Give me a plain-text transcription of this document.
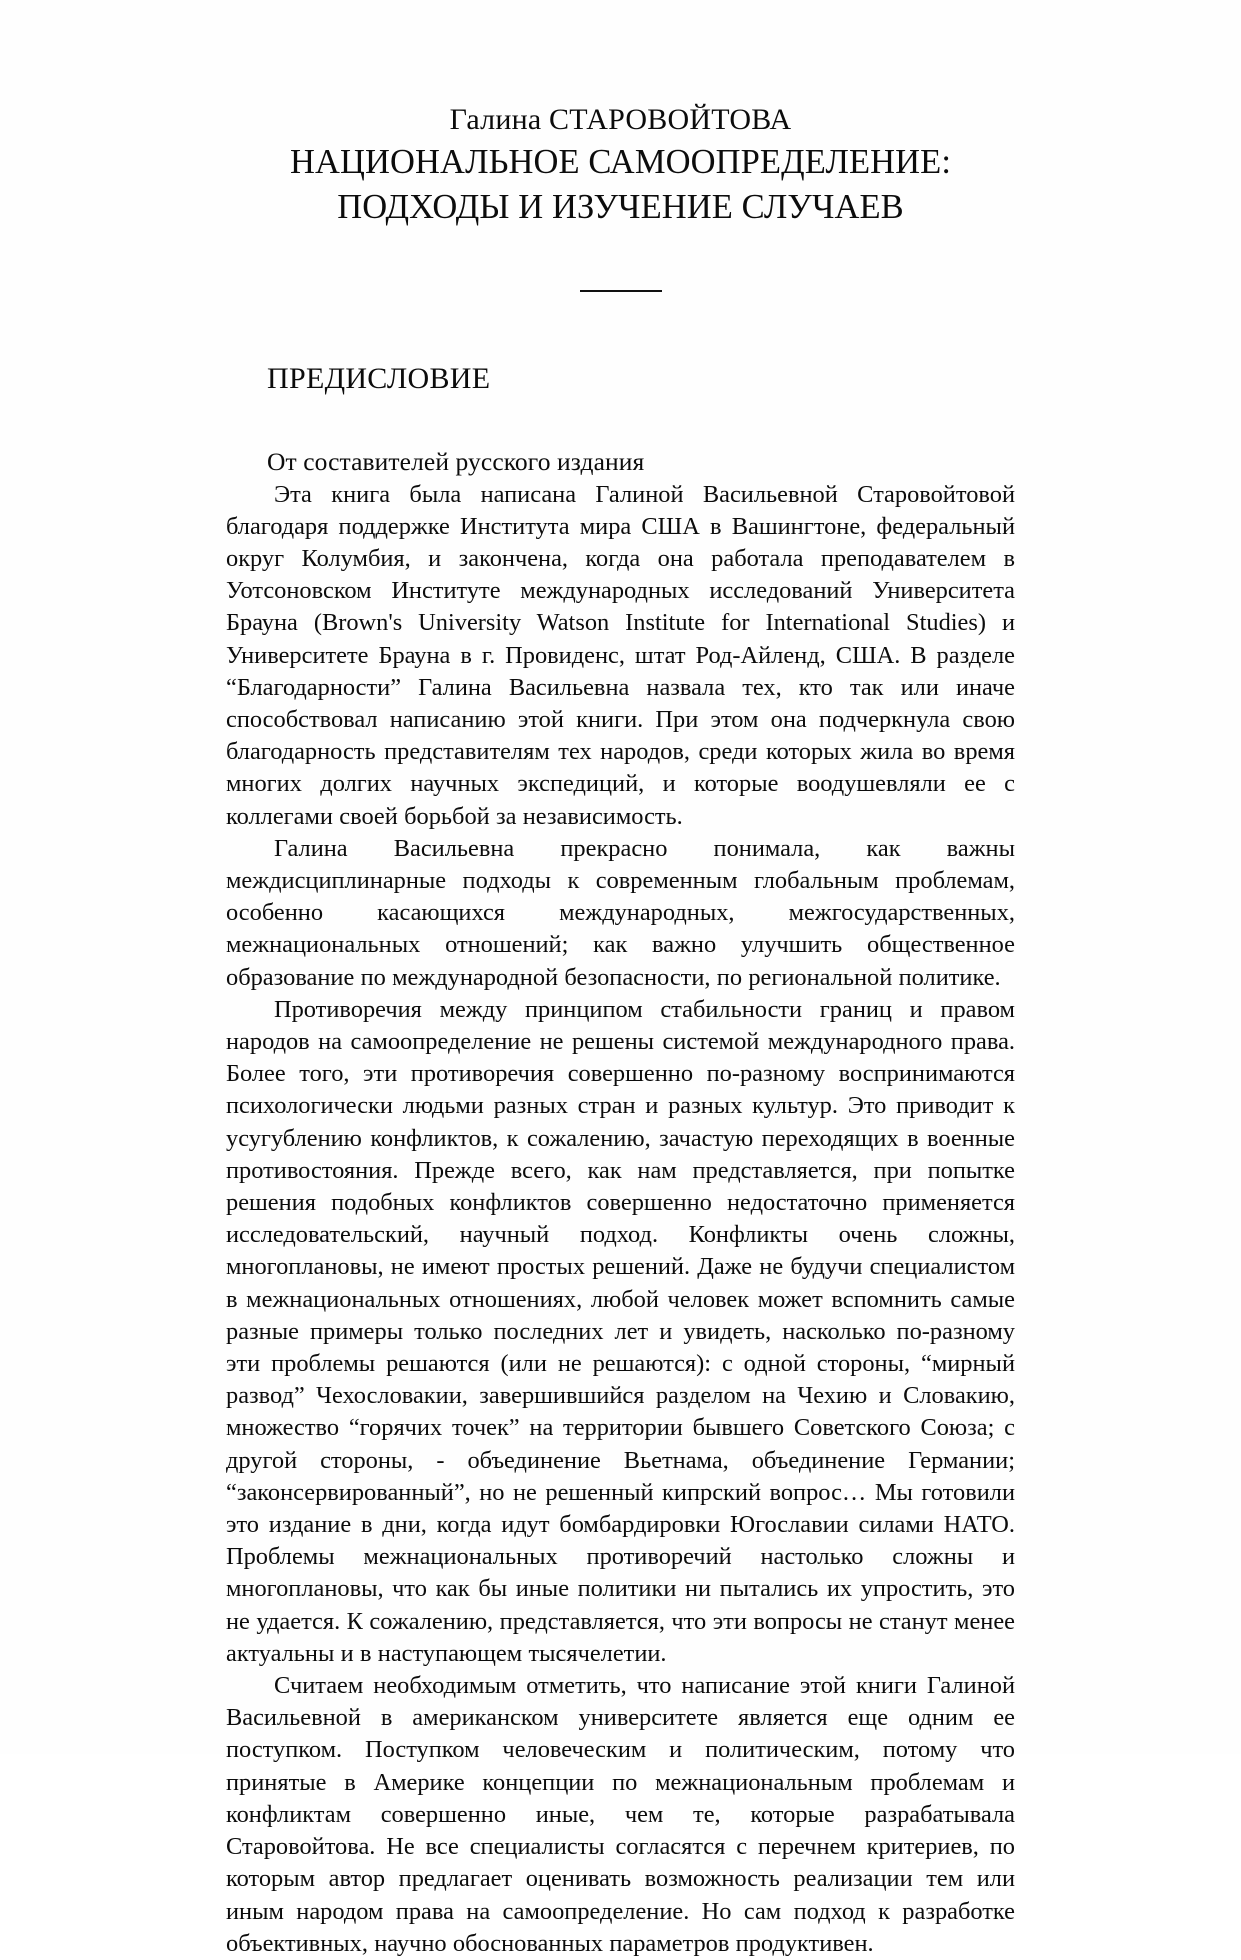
Галина СТАРОВОЙТОВА
НАЦИОНАЛЬНОЕ САМООПРЕДЕЛЕНИЕ:
ПОДХОДЫ И ИЗУЧЕНИЕ СЛУЧАЕВ
ПРЕДИСЛОВИЕ
От составителей русского издания

Эта книга была написана Галиной Васильевной Старовойтовой благодаря поддержке Института мира США в Вашингтоне, федеральный округ Колумбия, и закончена, когда она работала преподавателем в Уотсоновском Институте международных исследований Университета Брауна (Brown's University Watson Institute for International Studies) и Университете Брауна в г. Провиденс, штат Род-Айленд, США. В разделе “Благодарности” Галина Васильевна назвала тех, кто так или иначе способствовал написанию этой книги. При этом она подчеркнула свою благодарность представителям тех народов, среди которых жила во время многих долгих научных экспедиций, и которые воодушевляли ее с коллегами своей борьбой за независимость.

Галина Васильевна прекрасно понимала, как важны междисциплинарные подходы к современным глобальным проблемам, особенно касающихся международных, межгосударственных, межнациональных отношений; как важно улучшить общественное образование по международной безопасности, по региональной политике.

Противоречия между принципом стабильности границ и правом народов на самоопределение не решены системой международного права. Более того, эти противоречия совершенно по-разному воспринимаются психологически людьми разных стран и разных культур. Это приводит к усугублению конфликтов, к сожалению, зачастую переходящих в военные противостояния. Прежде всего, как нам представляется, при попытке решения подобных конфликтов совершенно недостаточно применяется исследовательский, научный подход. Конфликты очень сложны, многоплановы, не имеют простых решений. Даже не будучи специалистом в межнациональных отношениях, любой человек может вспомнить самые разные примеры только последних лет и увидеть, насколько по-разному эти проблемы решаются (или не решаются): с одной стороны, “мирный развод” Чехословакии, завершившийся разделом на Чехию и Словакию, множество “горячих точек” на территории бывшего Советского Союза; с другой стороны, - объединение Вьетнама, объединение Германии; “законсервированный”, но не решенный кипрский вопрос… Мы готовили это издание в дни, когда идут бомбардировки Югославии силами НАТО. Проблемы межнациональных противоречий настолько сложны и многоплановы, что как бы иные политики ни пытались их упростить, это не удается. К сожалению, представляется, что эти вопросы не станут менее актуальны и в наступающем тысячелетии.

Считаем необходимым отметить, что написание этой книги Галиной Васильевной в американском университете является еще одним ее поступком. Поступком человеческим и политическим, потому что принятые в Америке концепции по межнациональным проблемам и конфликтам совершенно иные, чем те, которые разрабатывала Старовойтова. Не все специалисты согласятся с перечнем критериев, по которым автор предлагает оценивать возможность реализации тем или иным народом права на самоопределение. Но сам подход к разработке объективных, научно обоснованных параметров продуктивен.
